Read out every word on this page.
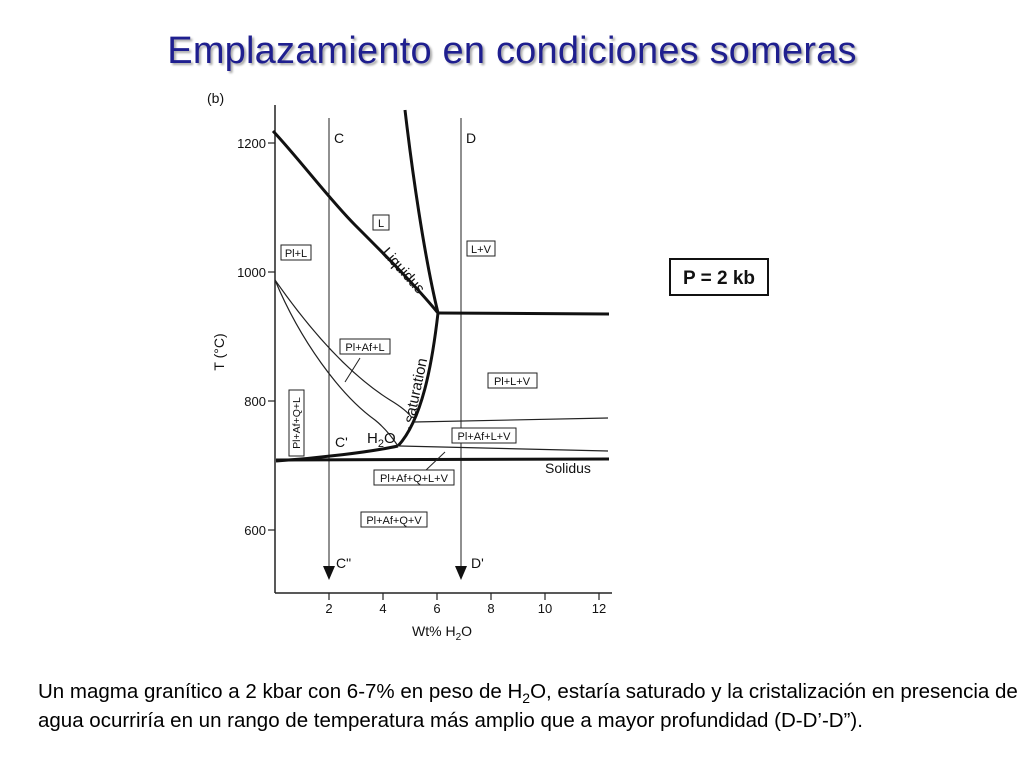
Emplazamiento en condiciones someras
(b)
1200
1000
800
600
T (°C)
2	4	6	8	10	12
Wt% $H_2O$
C	D
C'
C"	D'
Liquidus
– saturation
$H_2O$
Solidus
L
L+V
Pl+L
Pl+Af+L
Pl+L+V
Pl+Af+L+V
Pl+Af+Q+L
Pl+Af+Q+L+V
Pl+Af+Q+V
P = 2 kb
Un magma granítico a 2 kbar con 6-7% en peso de $H_2O$, estaría saturado y la cristalización en presencia de agua ocurriría en un rango de temperatura más amplio que a mayor profundidad (D-D’-D”).
